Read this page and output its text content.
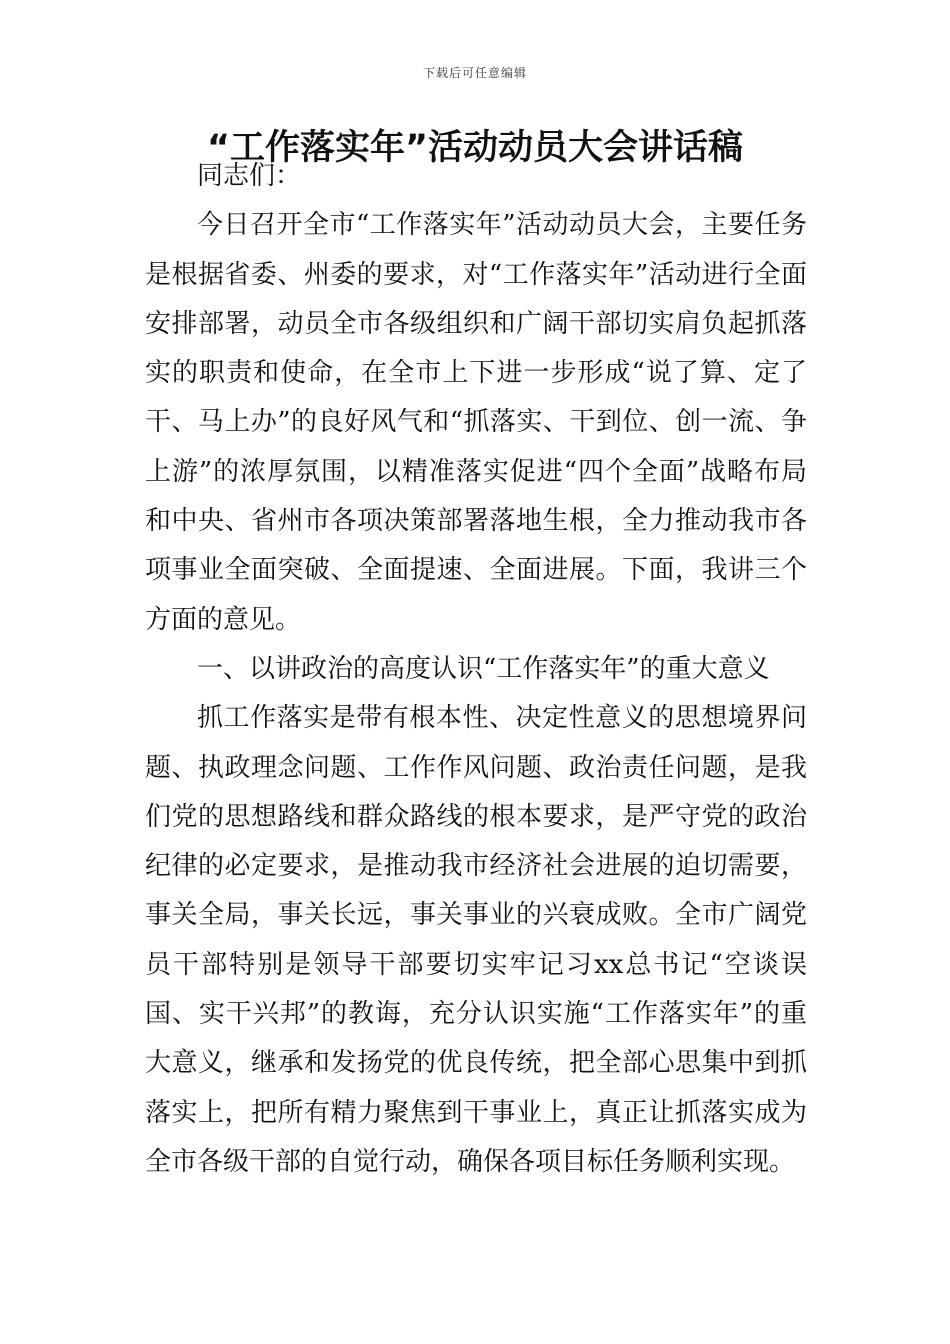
下载后可任意编辑
“工作落实年”活动动员大会讲话稿

同志们：

今日召开全市“工作落实年”活动动员大会，主要任务是根据省委、州委的要求，对“工作落实年”活动进行全面安排部署，动员全市各级组织和广阔干部切实肩负起抓落实的职责和使命，在全市上下进一步形成“说了算、定了干、马上办”的良好风气和“抓落实、干到位、创一流、争上游”的浓厚氛围，以精准落实促进“四个全面”战略布局和中央、省州市各项决策部署落地生根，全力推动我市各项事业全面突破、全面提速、全面进展。下面，我讲三个方面的意见。

一、以讲政治的高度认识“工作落实年”的重大意义

抓工作落实是带有根本性、决定性意义的思想境界问题、执政理念问题、工作作风问题、政治责任问题，是我们党的思想路线和群众路线的根本要求，是严守党的政治纪律的必定要求，是推动我市经济社会进展的迫切需要，事关全局，事关长远，事关事业的兴衰成败。全市广阔党员干部特别是领导干部要切实牢记习xx总书记“空谈误国、实干兴邦”的教诲，充分认识实施“工作落实年”的重大意义，继承和发扬党的优良传统，把全部心思集中到抓落实上，把所有精力聚焦到干事业上，真正让抓落实成为全市各级干部的自觉行动，确保各项目标任务顺利实现。
